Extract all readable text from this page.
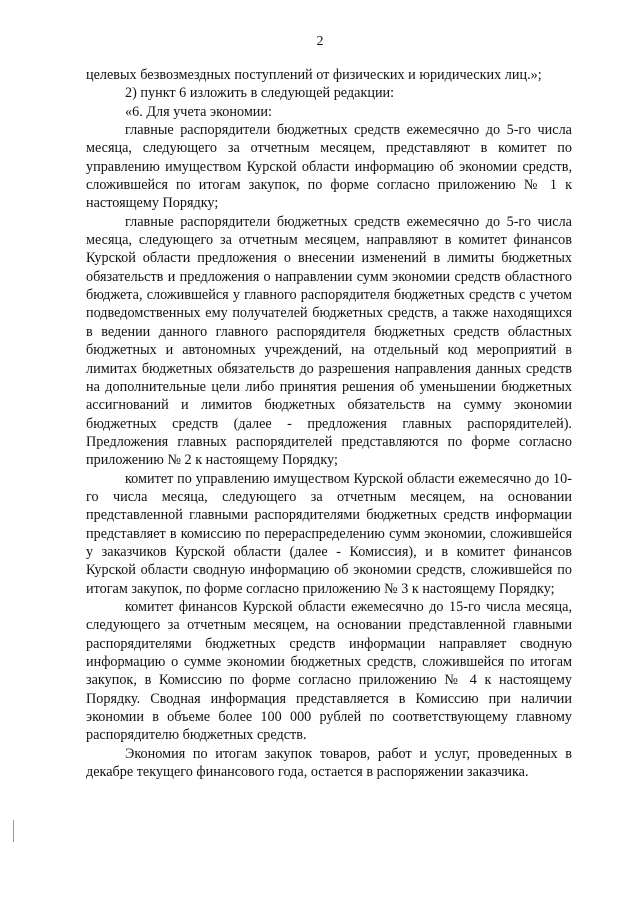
2

целевых безвозмездных поступлений от физических и юридических лиц.»;

2) пункт 6 изложить в следующей редакции:

«6. Для учета экономии:

главные распорядители бюджетных средств ежемесячно до 5-го числа месяца, следующего за отчетным месяцем, представляют в комитет по управлению имуществом Курской области информацию об экономии средств, сложившейся по итогам закупок, по форме согласно приложению № 1 к настоящему Порядку;

главные распорядители бюджетных средств ежемесячно до 5-го числа месяца, следующего за отчетным месяцем, направляют в комитет финансов Курской области предложения о внесении изменений в лимиты бюджетных обязательств и предложения о направлении сумм экономии средств областного бюджета, сложившейся у главного распорядителя бюджетных средств с учетом подведомственных ему получателей бюджетных средств, а также находящихся в ведении данного главного распорядителя бюджетных средств областных бюджетных и автономных учреждений, на отдельный код мероприятий в лимитах бюджетных обязательств до разрешения направления данных средств на дополнительные цели либо принятия решения об уменьшении бюджетных ассигнований и лимитов бюджетных обязательств на сумму экономии бюджетных средств (далее - предложения главных распорядителей). Предложения главных распорядителей представляются по форме согласно приложению № 2 к настоящему Порядку;

комитет по управлению имуществом Курской области ежемесячно до 10-го числа месяца, следующего за отчетным месяцем, на основании представленной главными распорядителями бюджетных средств информации представляет в комиссию по перераспределению сумм экономии, сложившейся у заказчиков Курской области (далее - Комиссия), и в комитет финансов Курской области сводную информацию об экономии средств, сложившейся по итогам закупок, по форме согласно приложению № 3 к настоящему Порядку;

комитет финансов Курской области ежемесячно до 15-го числа месяца, следующего за отчетным месяцем, на основании представленной главными распорядителями бюджетных средств информации направляет сводную информацию о сумме экономии бюджетных средств, сложившейся по итогам закупок, в Комиссию по форме согласно приложению № 4 к настоящему Порядку. Сводная информация представляется в Комиссию при наличии экономии в объеме более 100 000 рублей по соответствующему главному распорядителю бюджетных средств.

Экономия по итогам закупок товаров, работ и услуг, проведенных в декабре текущего финансового года, остается в распоряжении заказчика.
